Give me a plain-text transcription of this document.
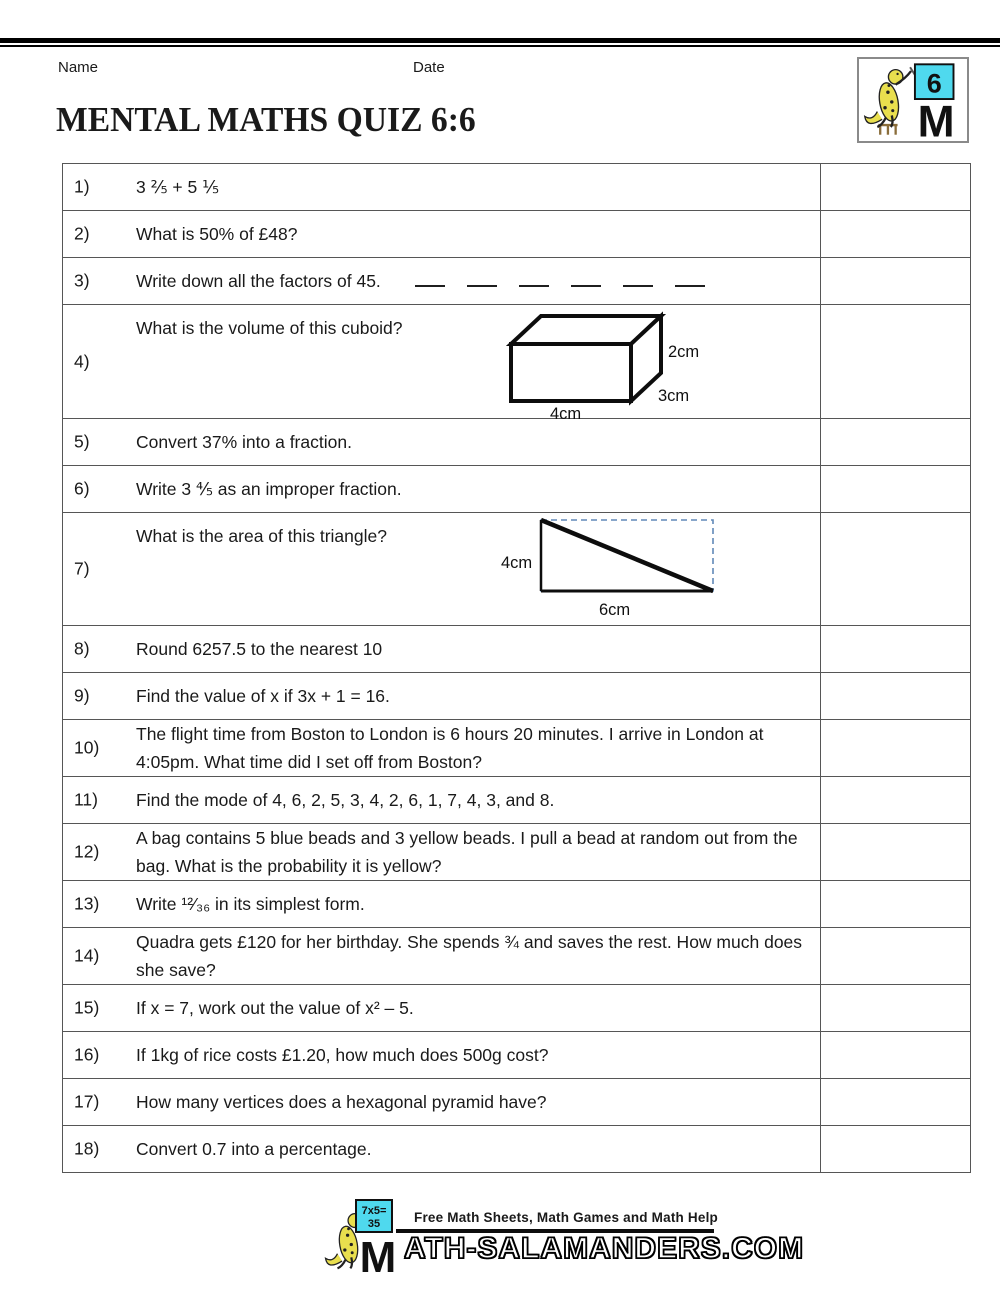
Name	Date
MENTAL MATHS QUIZ 6:6
6
M
1) 3 ⅖ + 5 ⅕	

2) What is 50% of £48?	

3) Write down all the factors of 45.	

4)
What is the volume of this cuboid?
2cm
3cm
4cm	

5) Convert 37% into a fraction.	

6) Write 3 ⅘ as an improper fraction.	

7)
What is the area of this triangle?
4cm
6cm	

8) Round 6257.5 to the nearest 10	

9) Find the value of x if 3x + 1 = 16.	

10)
The flight time from Boston to London is 6 hours 20 minutes. I arrive in London at 4:05pm. What time did I set off from Boston?	

11) Find the mode of 4, 6, 2, 5, 3, 4, 2, 6, 1, 7, 4, 3, and 8.	

12)
A bag contains 5 blue beads and 3 yellow beads. I pull a bead at random out from the bag. What is the probability it is yellow?	

13) Write ¹²⁄₃₆ in its simplest form.	

14)
Quadra gets £120 for her birthday. She spends ¾ and saves the rest. How much does she save?	

15) If x = 7, work out the value of x² – 5.	

16) If 1kg of rice costs £1.20, how much does 500g cost?	

17) How many vertices does a hexagonal pyramid have?	

18) Convert 0.7 into a percentage.	

7x5=
35
M
Free Math Sheets, Math Games and Math Help
ATH-SALAMANDERS.COM
